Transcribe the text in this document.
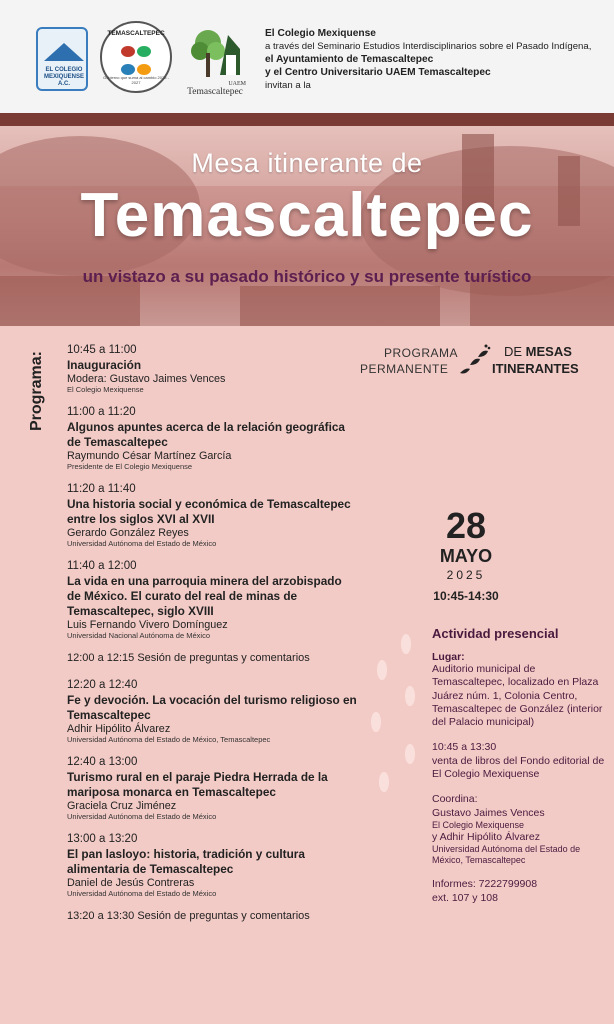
EL COLEGIO MEXIQUENSE A.C.
TEMASCALTEPEC
Gobierno que suma al cambio 2025 - 2027	UAEM
Temascaltepec
El Colegio Mexiquense
a través del Seminario Estudios Interdisciplinarios sobre el Pasado Indígena,
el Ayuntamiento de Temascaltepec
y el Centro Universitario UAEM Temascaltepec
invitan a la
Mesa itinerante de
Temascaltepec
un vistazo a su pasado histórico y su presente turístico
Programa:
10:45 a 11:00
Inauguración
Modera: Gustavo Jaimes Vences
El Colegio Mexiquense
11:00 a 11:20
Algunos apuntes acerca de la relación geográfica de Temascaltepec
Raymundo César Martínez García
Presidente de El Colegio Mexiquense
11:20 a 11:40
Una historia social y económica de Temascaltepec entre los siglos XVI al XVII
Gerardo González Reyes
Universidad Autónoma del Estado de México
11:40 a 12:00
La vida en una parroquia minera del arzobispado de México. El curato del real de minas de Temascaltepec, siglo XVIII
Luis Fernando Vivero Domínguez
Universidad Nacional Autónoma de México
12:00 a 12:15 Sesión de preguntas y comentarios
12:20 a 12:40
Fe y devoción. La vocación del turismo religioso en Temascaltepec
Adhir Hipólito Álvarez
Universidad Autónoma del Estado de México, Temascaltepec
12:40 a 13:00
Turismo rural en el paraje Piedra Herrada de la mariposa monarca en Temascaltepec
Graciela Cruz Jiménez
Universidad Autónoma del Estado de México
13:00 a 13:20
El pan lasloyo: historia, tradición y cultura alimentaria de Temascaltepec
Daniel de Jesús Contreras
Universidad Autónoma del Estado de México
13:20 a 13:30 Sesión de preguntas y comentarios
PROGRAMA
PERMANENTE
DE MESAS
ITINERANTES
28
MAYO
2025
10:45-14:30
Actividad presencial
Lugar:

Auditorio municipal de Temascaltepec, localizado en Plaza Juárez núm. 1, Colonia Centro, Temascaltepec de González (interior del Palacio municipal)

10:45 a 13:30

venta de libros del Fondo editorial de El Colegio Mexiquense

Coordina:

Gustavo Jaimes Vences

El Colegio Mexiquense

y Adhir Hipólito Álvarez

Universidad Autónoma del Estado de México, Temascaltepec

Informes: 7222799908

ext. 107 y 108
